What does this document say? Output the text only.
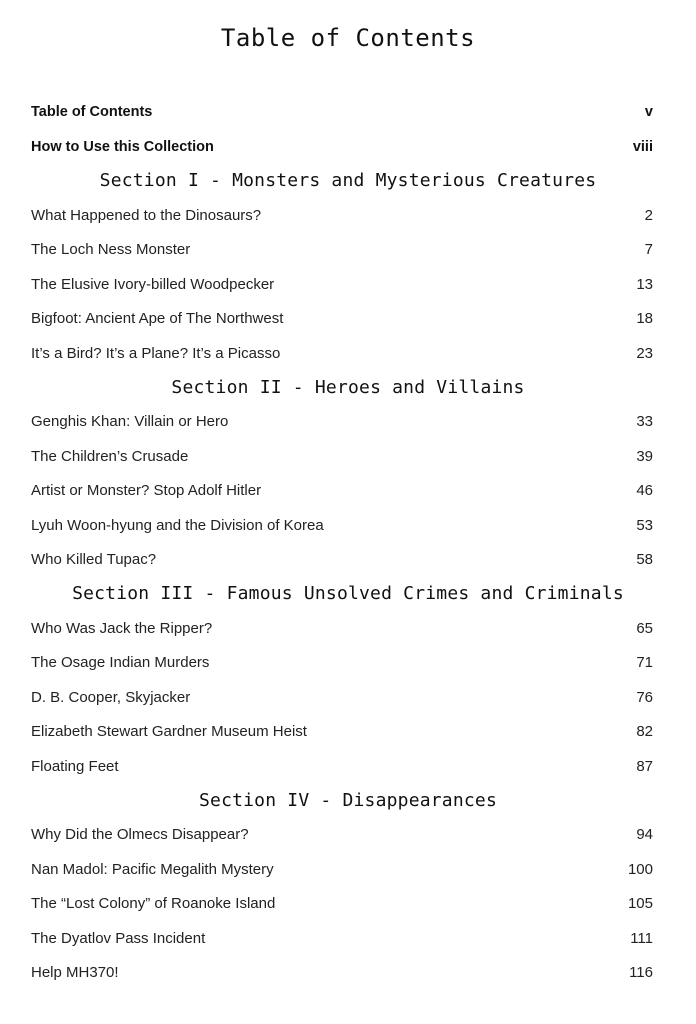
Table of Contents
Table of Contents	v
How to Use this Collection	viii
Section I - Monsters and Mysterious Creatures
What Happened to the Dinosaurs?	2
The Loch Ness Monster	7
The Elusive Ivory-billed Woodpecker	13
Bigfoot: Ancient Ape of The Northwest	18
It’s a Bird? It’s a Plane? It’s a Picasso	23
Section II - Heroes and Villains
Genghis Khan: Villain or Hero	33
The Children’s Crusade	39
Artist or Monster? Stop Adolf Hitler	46
Lyuh Woon-hyung and the Division of Korea	53
Who Killed Tupac?	58
Section III - Famous Unsolved Crimes and Criminals
Who Was Jack the Ripper?	65
The Osage Indian Murders	71
D. B. Cooper, Skyjacker	76
Elizabeth Stewart Gardner Museum Heist	82
Floating Feet	87
Section IV - Disappearances
Why Did the Olmecs Disappear?	94
Nan Madol: Pacific Megalith Mystery	100
The “Lost Colony” of Roanoke Island	105
The Dyatlov Pass Incident	111
Help MH370!	116
